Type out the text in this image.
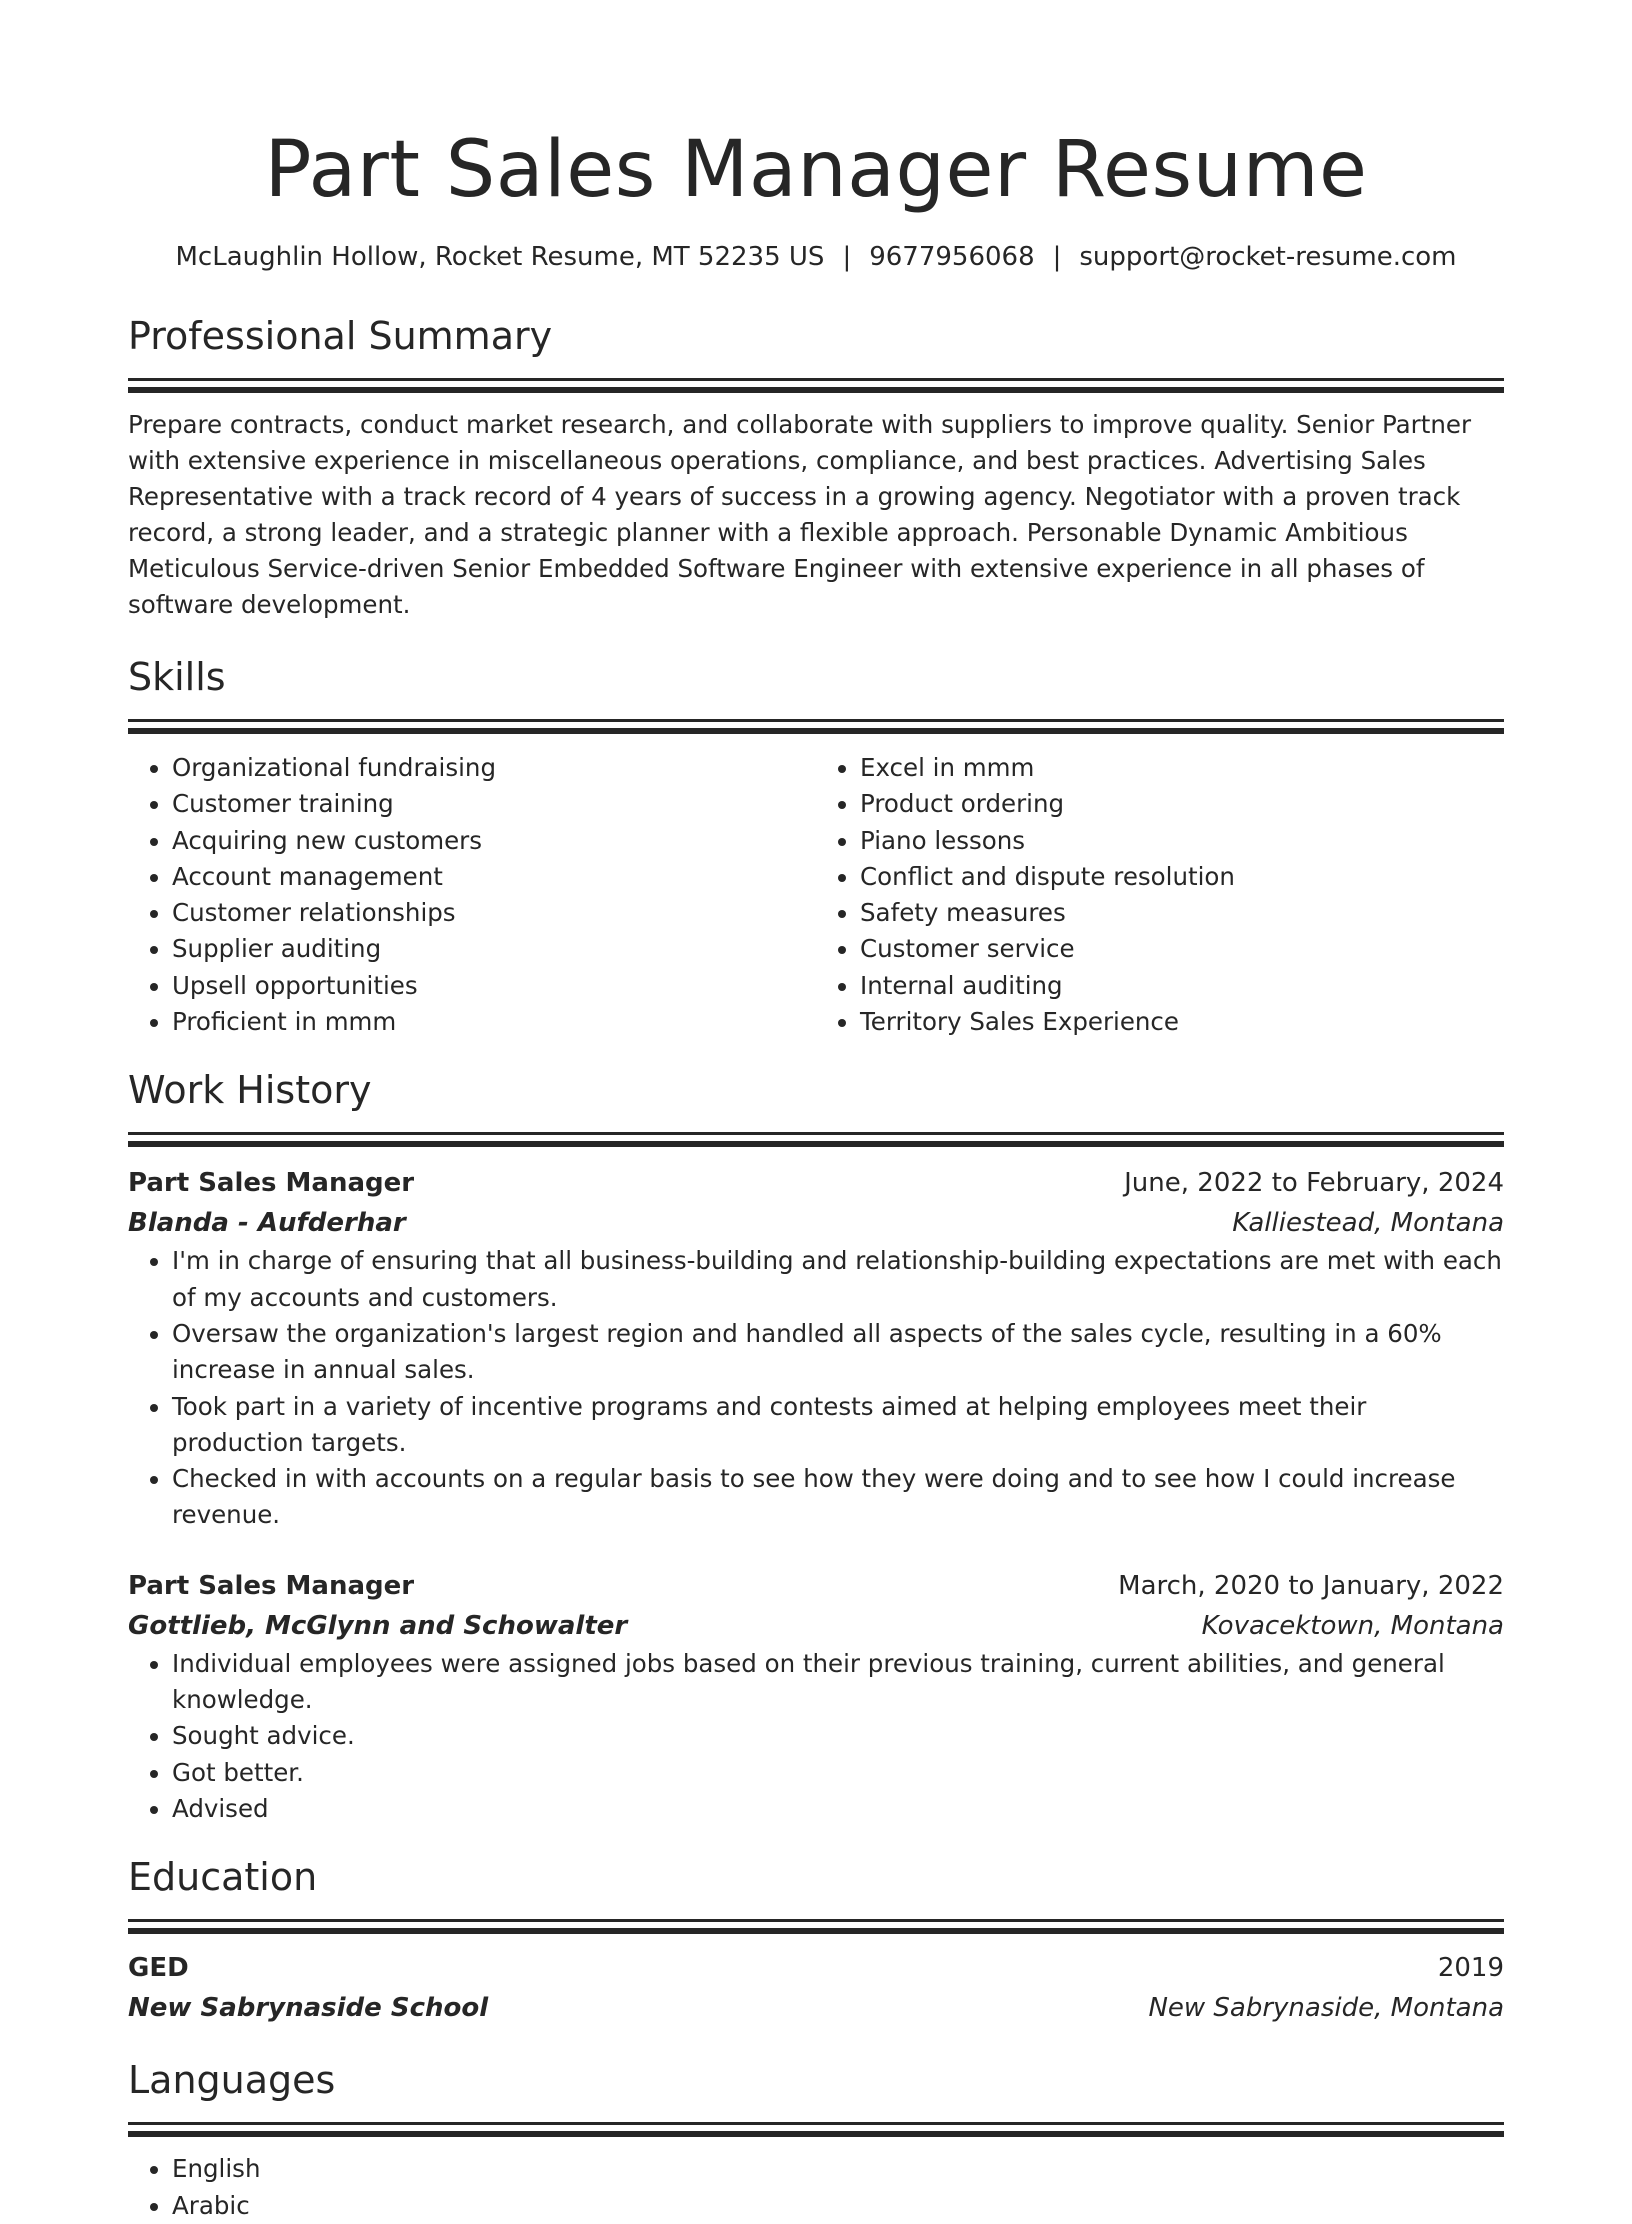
Part Sales Manager Resume
McLaughlin Hollow, Rocket Resume, MT 52235 US | 9677956068 | support@rocket-resume.com
Professional Summary
Prepare contracts, conduct market research, and collaborate with suppliers to improve quality. Senior Partner with extensive experience in miscellaneous operations, compliance, and best practices. Advertising Sales Representative with a track record of 4 years of success in a growing agency. Negotiator with a proven track record, a strong leader, and a strategic planner with a flexible approach. Personable Dynamic Ambitious Meticulous Service-driven Senior Embedded Software Engineer with extensive experience in all phases of software development.
Skills
• Organizational fundraising
• Customer training
• Acquiring new customers
• Account management
• Customer relationships
• Supplier auditing
• Upsell opportunities
• Proficient in mmm
• Excel in mmm
• Product ordering
• Piano lessons
• Conflict and dispute resolution
• Safety measures
• Customer service
• Internal auditing
• Territory Sales Experience
Work History
Part Sales Manager	June, 2022 to February, 2024
Blanda - Aufderhar	Kalliestead, Montana
• I'm in charge of ensuring that all business-building and relationship-building expectations are met with each of my accounts and customers.
• Oversaw the organization's largest region and handled all aspects of the sales cycle, resulting in a 60% increase in annual sales.
• Took part in a variety of incentive programs and contests aimed at helping employees meet their production targets.
• Checked in with accounts on a regular basis to see how they were doing and to see how I could increase revenue.
Part Sales Manager	March, 2020 to January, 2022
Gottlieb, McGlynn and Schowalter	Kovacektown, Montana
• Individual employees were assigned jobs based on their previous training, current abilities, and general knowledge.
• Sought advice.
• Got better.
• Advised
Education
GED	2019
New Sabrynaside School	New Sabrynaside, Montana
Languages
• English
• Arabic
